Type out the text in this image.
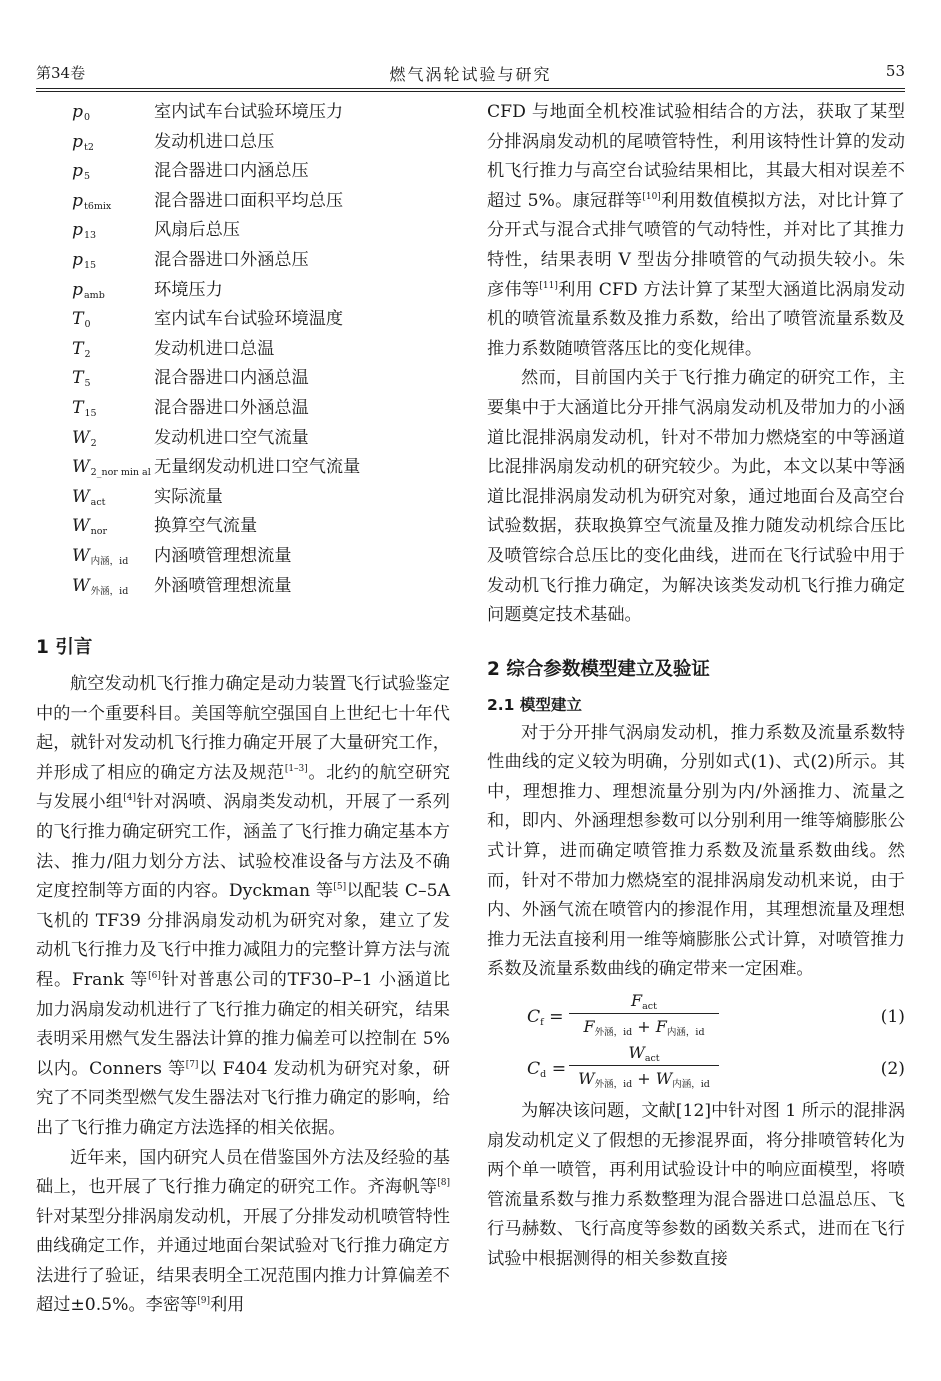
第34卷	燃气涡轮试验与研究	53
$p_0$	室内试车台试验环境压力
$p_{t2}$	发动机进口总压
$p_5$	混合器进口内涵总压
$p_{t6mix}$ 混合器进口面积平均总压
$p_{13}$	风扇后总压
$p_{15}$	混合器进口外涵总压
$p_{amb}$	环境压力
$T_0$	室内试车台试验环境温度
$T_2$	发动机进口总温
$T_5$	混合器进口内涵总温
$T_{15}$	混合器进口外涵总温
$W_2$	发动机进口空气流量
$W_{2\_nor min al}$ 无量纲发动机进口空气流量
$W_{act}$	实际流量
$W_{nor}$	换算空气流量
$W_{内涵,id}$ 内涵喷管理想流量
$W_{外涵,id}$ 外涵喷管理想流量
1 引言

航空发动机飞行推力确定是动力装置飞行试验鉴定中的一个重要科目。美国等航空强国自上世纪七十年代起，就针对发动机飞行推力确定开展了大量研究工作，并形成了相应的确定方法及规范[1–3]。北约的航空研究与发展小组[4]针对涡喷、涡扇类发动机，开展了一系列的飞行推力确定研究工作，涵盖了飞行推力确定基本方法、推力/阻力划分方法、试验校准设备与方法及不确定度控制等方面的内容。Dyckman 等[5]以配装 C–5A 飞机的 TF39 分排涡扇发动机为研究对象，建立了发动机飞行推力及飞行中推力减阻力的完整计算方法与流程。Frank 等[6]针对普惠公司的TF30–P–1 小涵道比加力涡扇发动机进行了飞行推力确定的相关研究，结果表明采用燃气发生器法计算的推力偏差可以控制在 5% 以内。Conners 等[7]以 F404 发动机为研究对象，研究了不同类型燃气发生器法对飞行推力确定的影响，给出了飞行推力确定方法选择的相关依据。

近年来，国内研究人员在借鉴国外方法及经验的基础上，也开展了飞行推力确定的研究工作。齐海帆等[8]针对某型分排涡扇发动机，开展了分排发动机喷管特性曲线确定工作，并通过地面台架试验对飞行推力确定方法进行了验证，结果表明全工况范围内推力计算偏差不超过±0.5%。李密等[9]利用

CFD 与地面全机校准试验相结合的方法，获取了某型分排涡扇发动机的尾喷管特性，利用该特性计算的发动机飞行推力与高空台试验结果相比，其最大相对误差不超过 5%。康冠群等[10]利用数值模拟方法，对比计算了分开式与混合式排气喷管的气动特性，并对比了其推力特性，结果表明 V 型齿分排喷管的气动损失较小。朱彦伟等[11]利用 CFD 方法计算了某型大涵道比涡扇发动机的喷管流量系数及推力系数，给出了喷管流量系数及推力系数随喷管落压比的变化规律。

然而，目前国内关于飞行推力确定的研究工作，主要集中于大涵道比分开排气涡扇发动机及带加力的小涵道比混排涡扇发动机，针对不带加力燃烧室的中等涵道比混排涡扇发动机的研究较少。为此，本文以某中等涵道比混排涡扇发动机为研究对象，通过地面台及高空台试验数据，获取换算空气流量及推力随发动机综合压比及喷管综合总压比的变化曲线，进而在飞行试验中用于发动机飞行推力确定，为解决该类发动机飞行推力确定问题奠定技术基础。

2 综合参数模型建立及验证
2.1 模型建立

对于分开排气涡扇发动机，推力系数及流量系数特性曲线的定义较为明确，分别如式(1)、式(2)所示。其中，理想推力、理想流量分别为内/外涵推力、流量之和，即内、外涵理想参数可以分别利用一维等熵膨胀公式计算，进而确定喷管推力系数及流量系数曲线。然而，针对不带加力燃烧室的混排涡扇发动机来说，由于内、外涵气流在喷管内的掺混作用，其理想流量及理想推力无法直接利用一维等熵膨胀公式计算，对喷管推力系数及流量系数曲线的确定带来一定困难。

$C_f$ =
$F_{act}$
$F_{外涵,id} + F_{内涵,id}$
(1)
$C_d$ =
$W_{act}$
$W_{外涵,id} + W_{内涵,id}$
(2)

为解决该问题，文献[12]中针对图 1 所示的混排涡扇发动机定义了假想的无掺混界面，将分排喷管转化为两个单一喷管，再利用试验设计中的响应面模型，将喷管流量系数与推力系数整理为混合器进口总温总压、飞行马赫数、飞行高度等参数的函数关系式，进而在飞行试验中根据测得的相关参数直接
